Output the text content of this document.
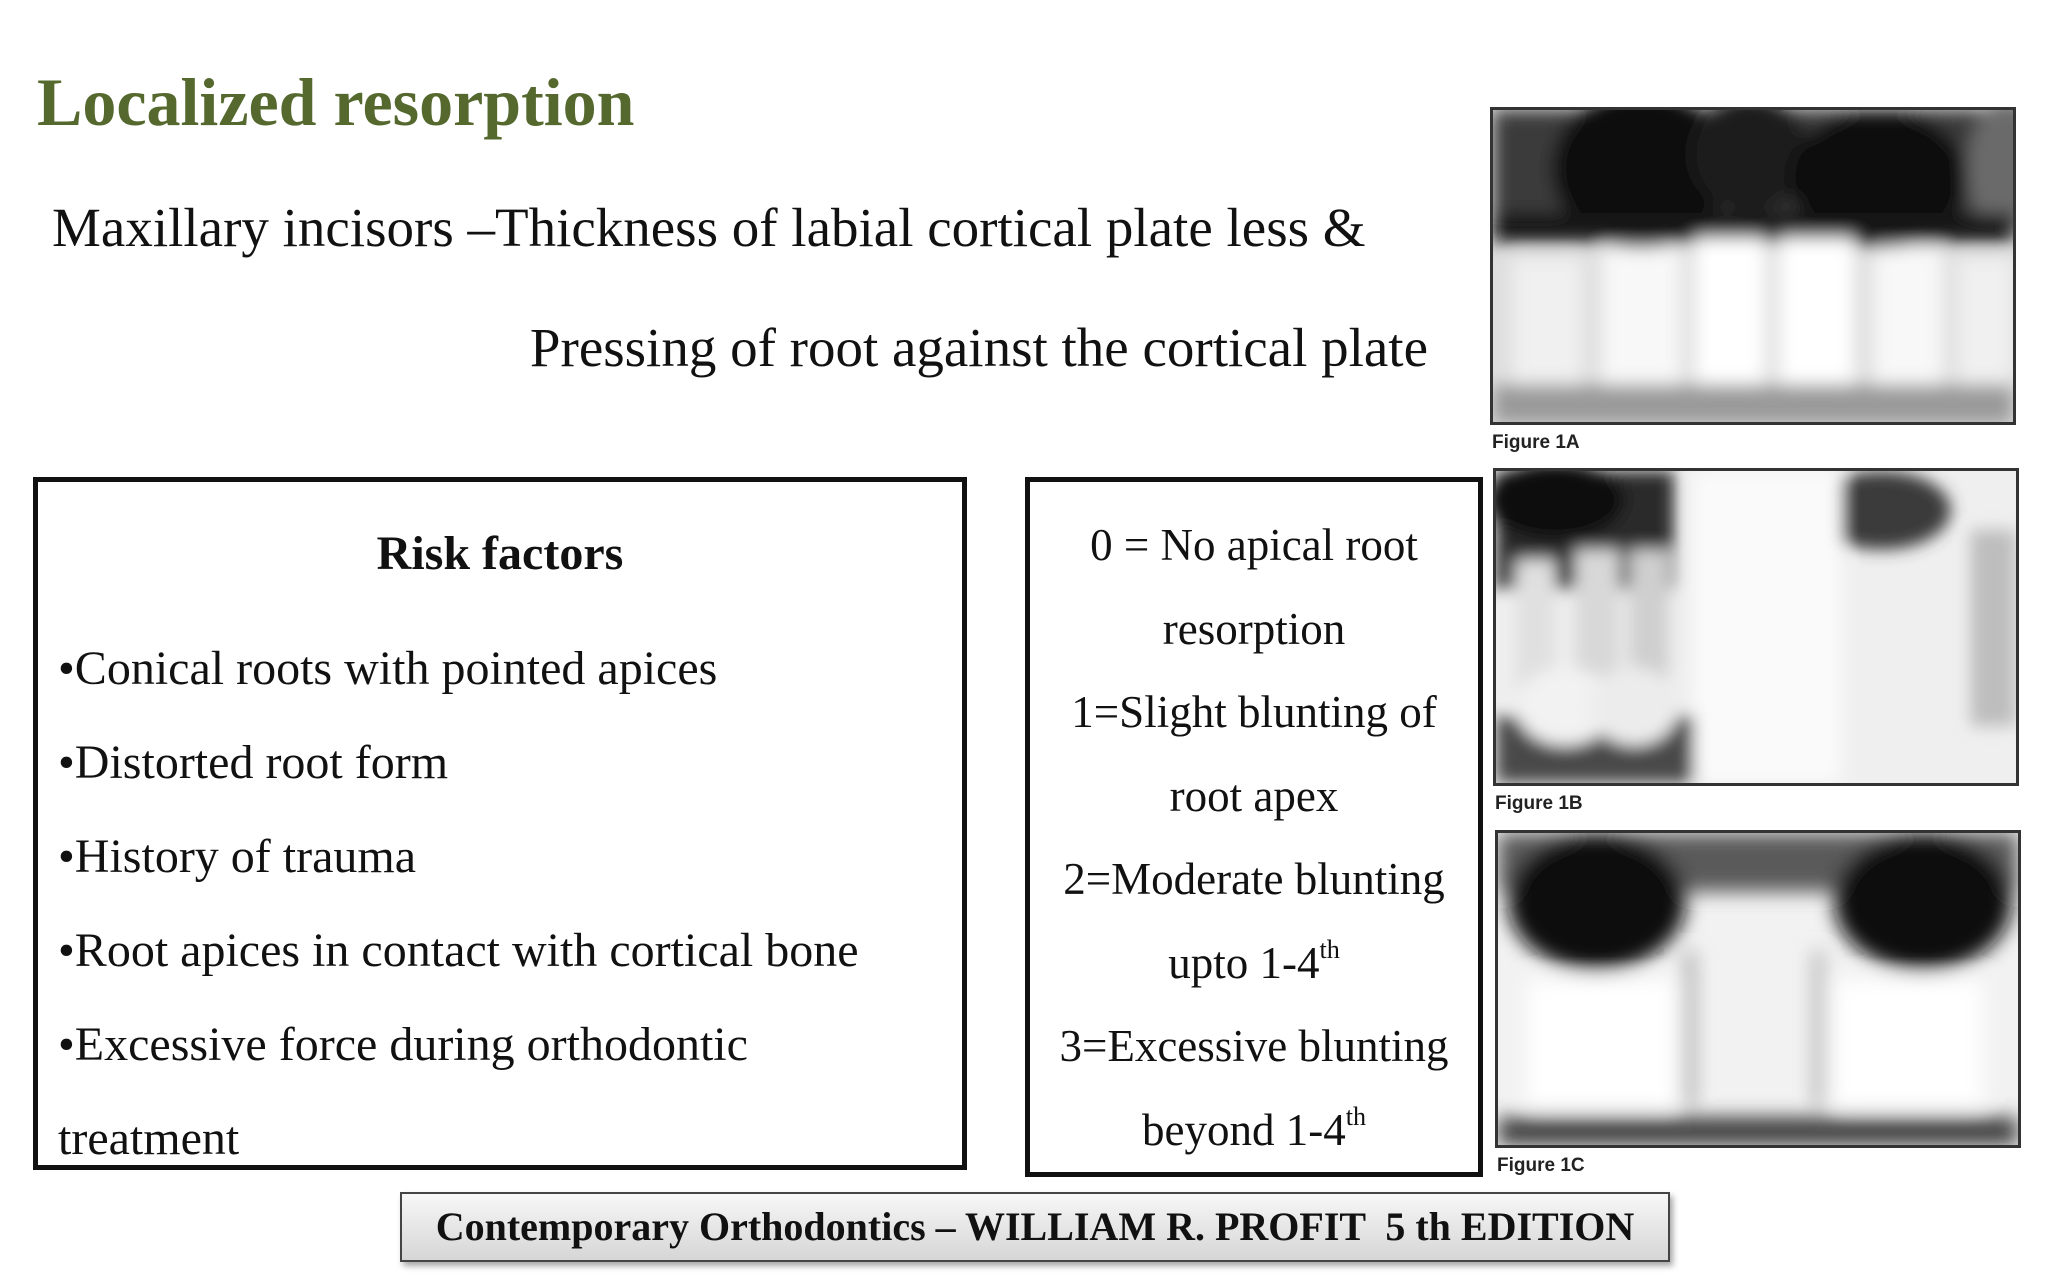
Localized resorption
Maxillary incisors –Thickness of labial cortical plate less &
Pressing of root against the cortical plate
Risk factors
•Conical roots with pointed apices
•Distorted root form
•History of trauma
•Root apices in contact with cortical bone
•Excessive force during orthodontic
treatment
0 = No apical root
resorption
1=Slight blunting of
root apex
2=Moderate blunting
upto 1-4th
3=Excessive blunting
beyond 1-4th
Figure 1A
Figure 1B
Figure 1C
Contemporary Orthodontics – WILLIAM R. PROFIT  5 th EDITION
